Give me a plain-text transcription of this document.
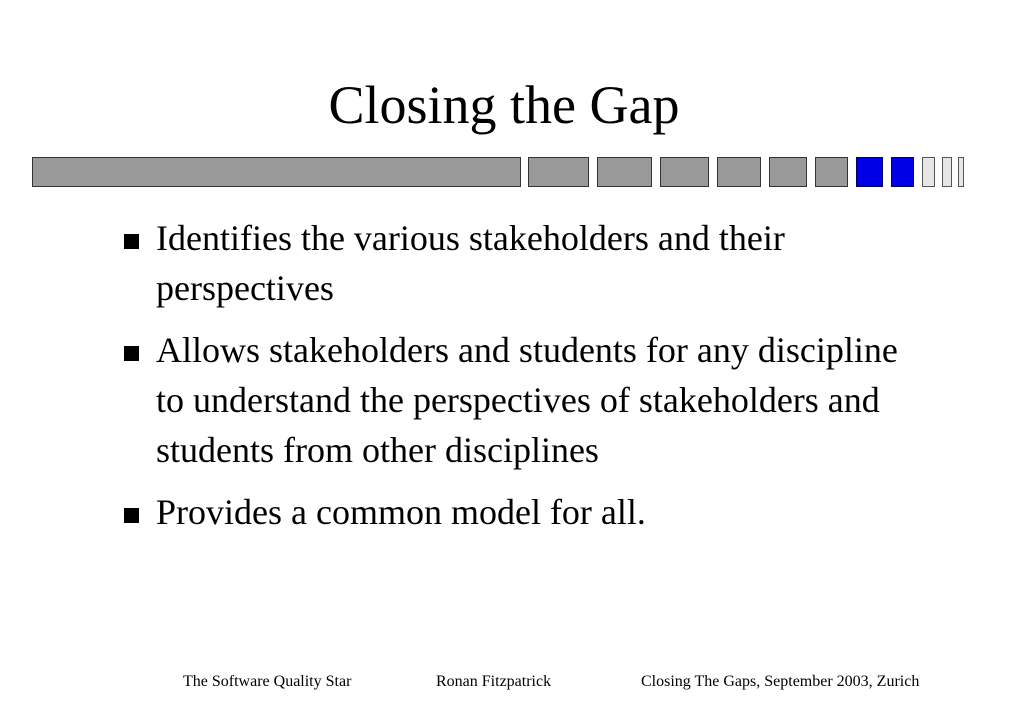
Closing the Gap
Identifies the various stakeholders and their perspectives
Allows stakeholders and students for any discipline to understand the perspectives of stakeholders and students from other disciplines
Provides a common model for all.
The Software Quality Star	Ronan Fitzpatrick	Closing The Gaps, September 2003, Zurich
